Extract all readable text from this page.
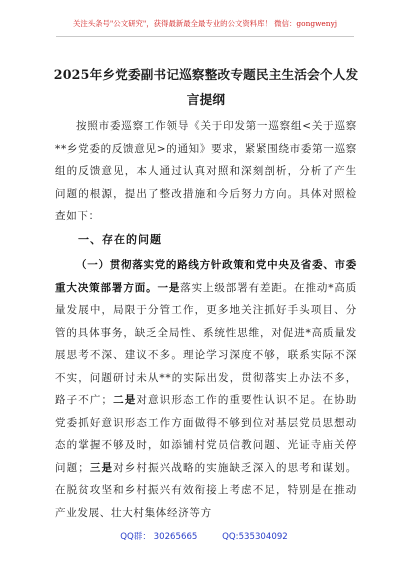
关注头条号"公文研究"，获得最新最全最专业的公文资料库！ 微信：gongwenyj
2025年乡党委副书记巡察整改专题民主生活会个人发言提纲

按照市委巡察工作领导《关于印发第一巡察组<关于巡察**乡党委的反馈意见>的通知》要求，紧紧围绕市委第一巡察组的反馈意见，本人通过认真对照和深刻剖析，分析了产生问题的根源，提出了整改措施和今后努力方向。具体对照检查如下：

一、存在的问题

（一）贯彻落实党的路线方针政策和党中央及省委、市委重大决策部署方面。一是落实上级部署有差距。在推动*高质量发展中，局限于分管工作，更多地关注抓好手头项目、分管的具体事务，缺乏全局性、系统性思维，对促进*高质量发展思考不深、建议不多。理论学习深度不够，联系实际不深不实，问题研讨未从**的实际出发，贯彻落实上办法不多，路子不广；二是对意识形态工作的重要性认识不足。在协助党委抓好意识形态工作方面做得不够到位对基层党员思想动态的掌握不够及时，如添铺村党员信教问题、光证寺庙关停问题；三是对乡村振兴战略的实施缺乏深入的思考和谋划。在脱贫攻坚和乡村振兴有效衔接上考虑不足，特别是在推动产业发展、壮大村集体经济等方

QQ群： 30265665	QQ:535304092
